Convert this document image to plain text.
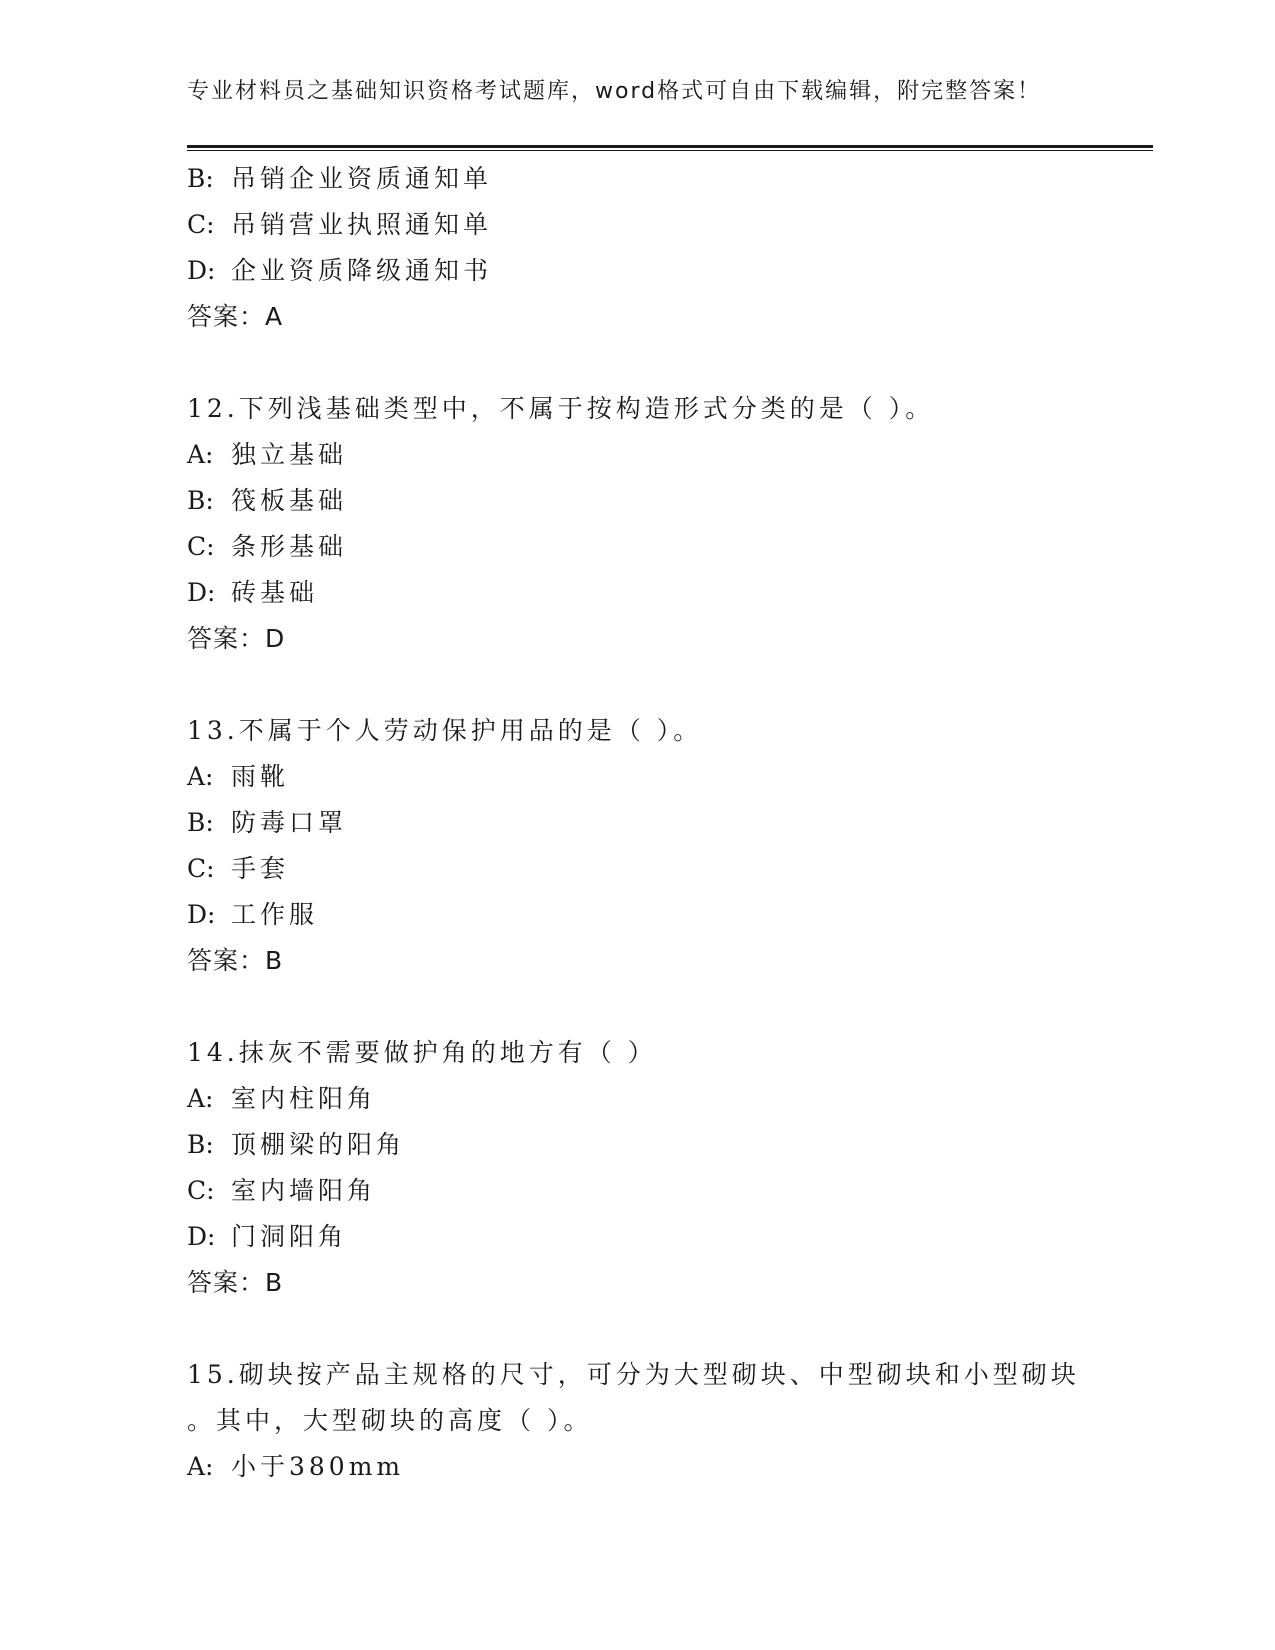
专业材料员之基础知识资格考试题库，word格式可自由下载编辑，附完整答案！
B: 吊销企业资质通知单
C: 吊销营业执照通知单
D: 企业资质降级通知书
答案：A
12.下列浅基础类型中，不属于按构造形式分类的是（ ）。
A: 独立基础
B: 筏板基础
C: 条形基础
D: 砖基础
答案：D
13.不属于个人劳动保护用品的是（ ）。
A: 雨靴
B: 防毒口罩
C: 手套
D: 工作服
答案：B
14.抹灰不需要做护角的地方有（ ）
A: 室内柱阳角
B: 顶棚梁的阳角
C: 室内墙阳角
D: 门洞阳角
答案：B
15.砌块按产品主规格的尺寸，可分为大型砌块、中型砌块和小型砌块
。其中，大型砌块的高度（ ）。
A: 小于380mm
